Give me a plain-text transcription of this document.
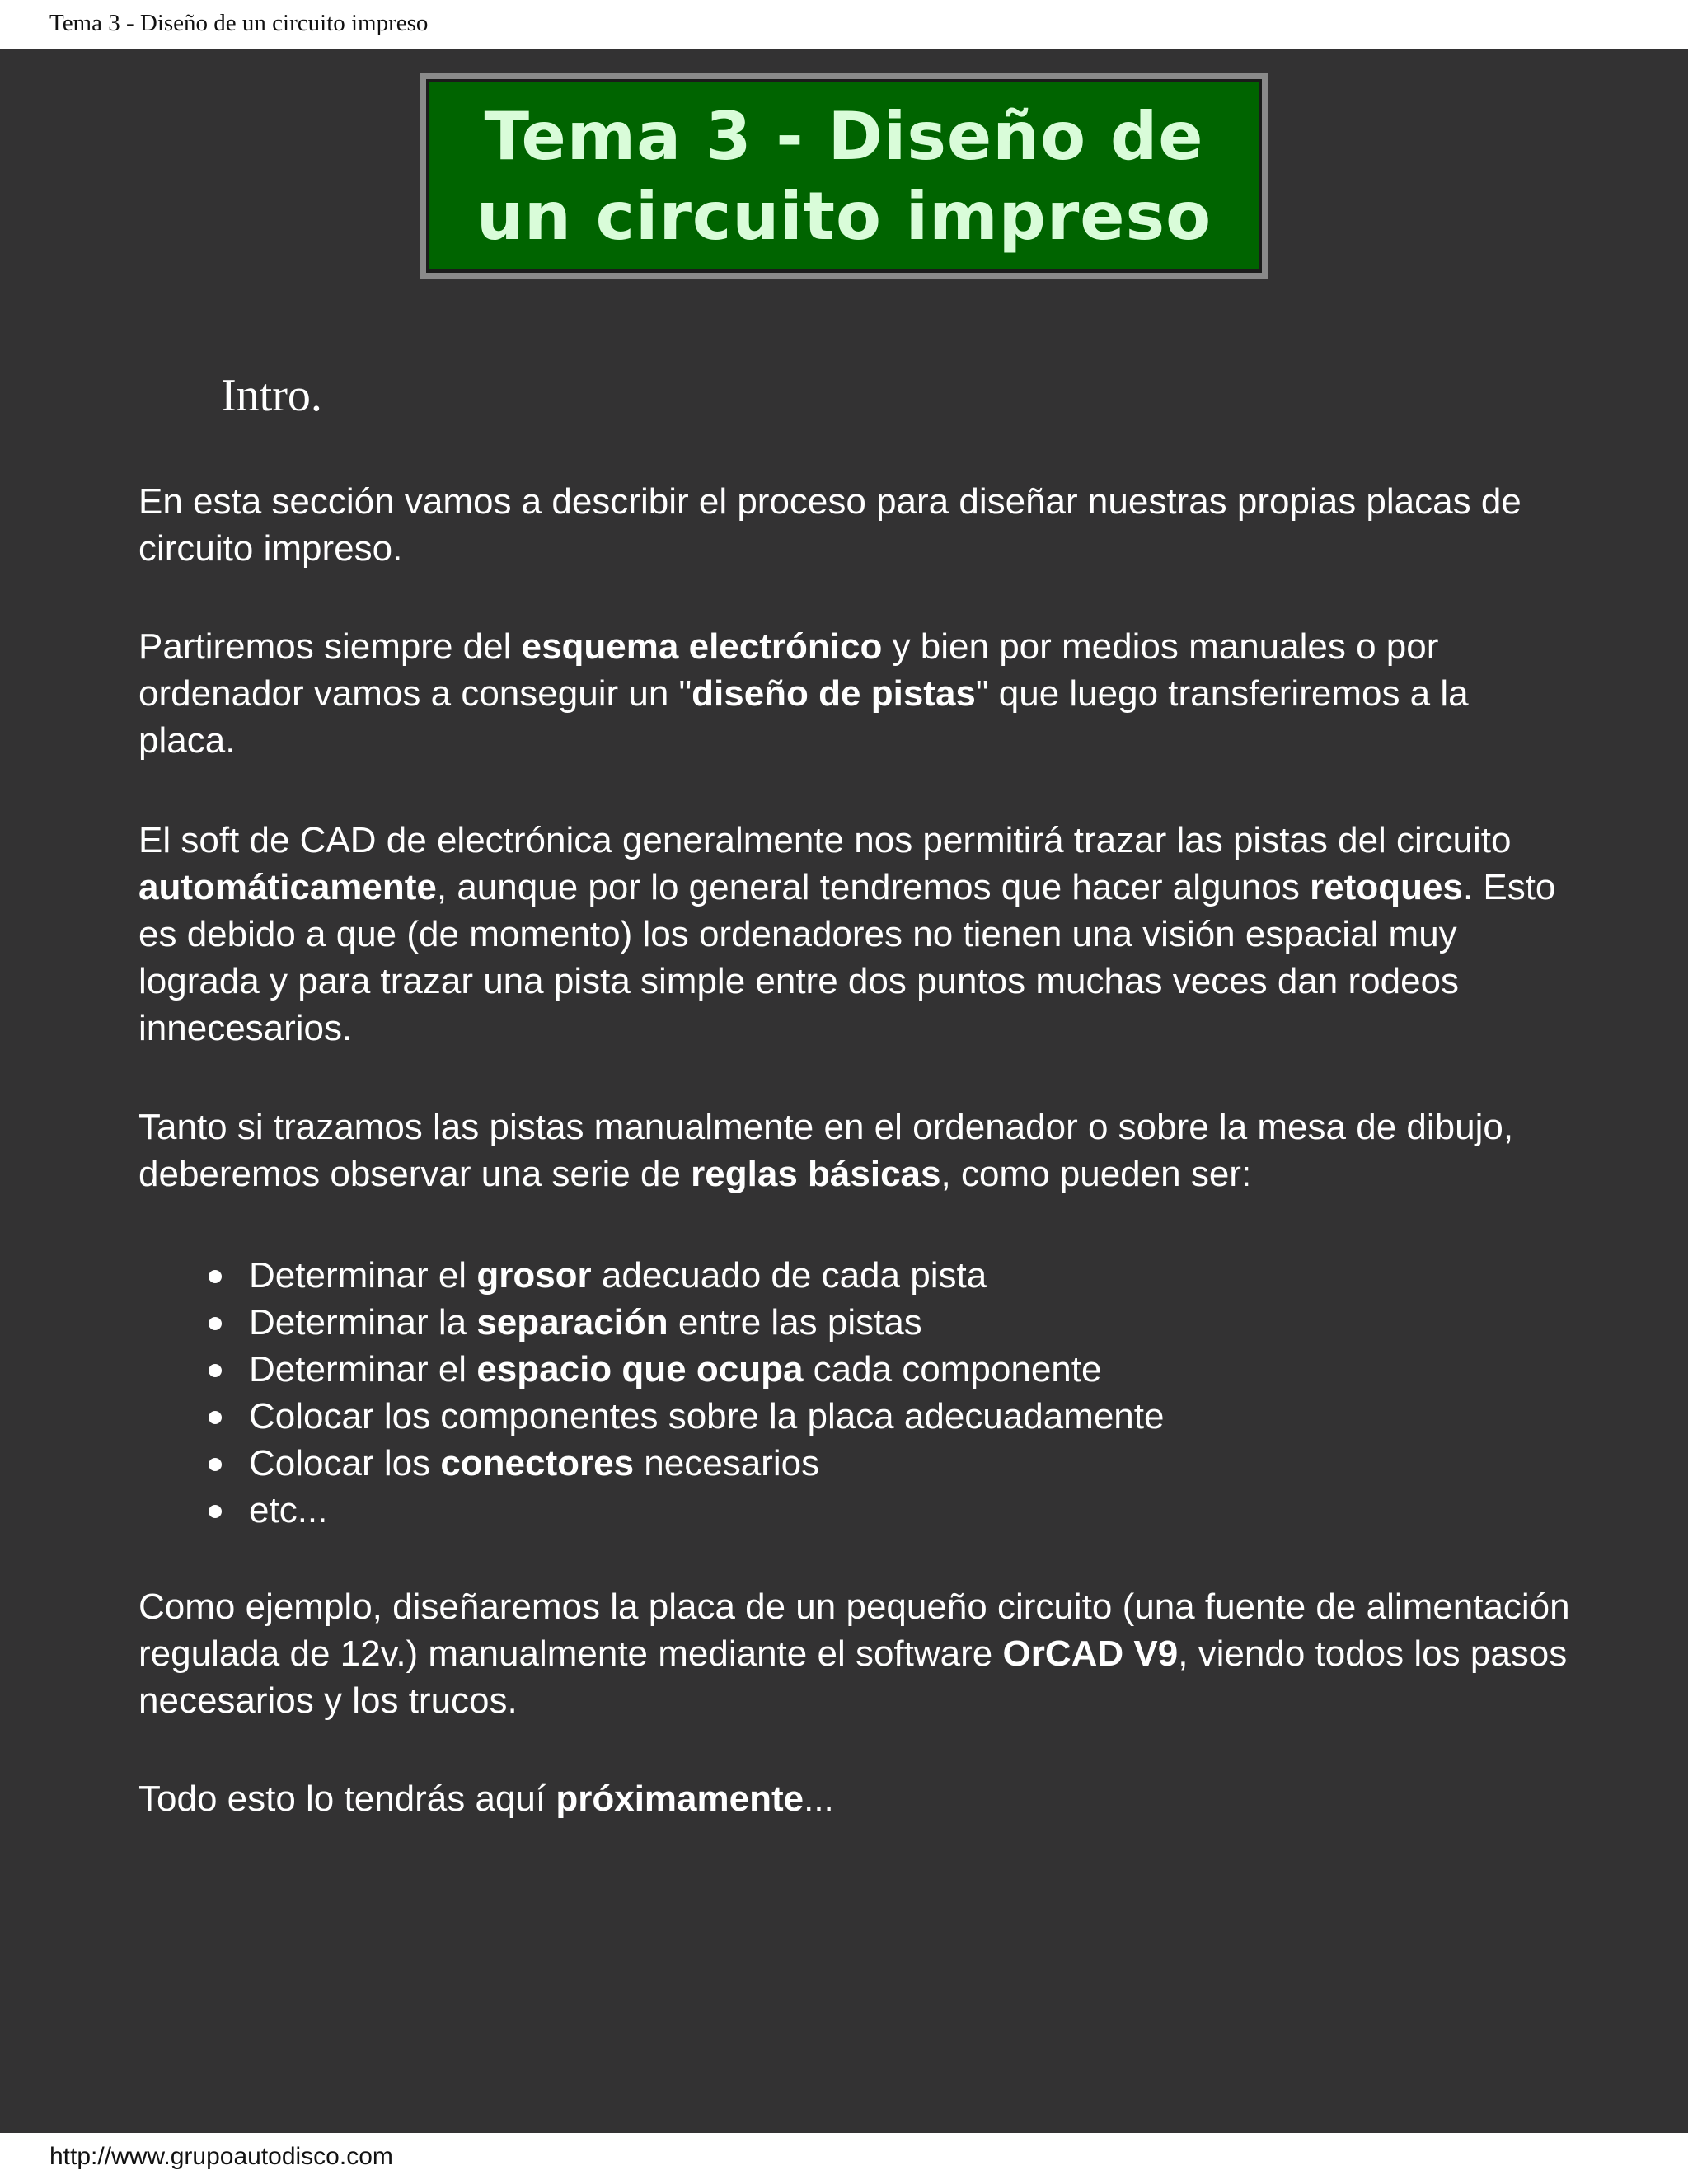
Tema 3 - Diseño de un circuito impreso
Tema 3 - Diseño de
un circuito impreso
Intro.
En esta sección vamos a describir el proceso para diseñar nuestras propias placas de circuito impreso.
Partiremos siempre del esquema electrónico y bien por medios manuales o por ordenador vamos a conseguir un "diseño de pistas" que luego transferiremos a la placa.
El soft de CAD de electrónica generalmente nos permitirá trazar las pistas del circuito automáticamente, aunque por lo general tendremos que hacer algunos retoques. Esto es debido a que (de momento) los ordenadores no tienen una visión espacial muy lograda y para trazar una pista simple entre dos puntos muchas veces dan rodeos innecesarios.
Tanto si trazamos las pistas manualmente en el ordenador o sobre la mesa de dibujo, deberemos observar una serie de reglas básicas, como pueden ser:
Determinar el grosor adecuado de cada pista
Determinar la separación entre las pistas
Determinar el espacio que ocupa cada componente
Colocar los componentes sobre la placa adecuadamente
Colocar los conectores necesarios
etc...
Como ejemplo, diseñaremos la placa de un pequeño circuito (una fuente de alimentación regulada de 12v.) manualmente mediante el software OrCAD V9, viendo todos los pasos necesarios y los trucos.
Todo esto lo tendrás aquí próximamente...
http://www.grupoautodisco.com
